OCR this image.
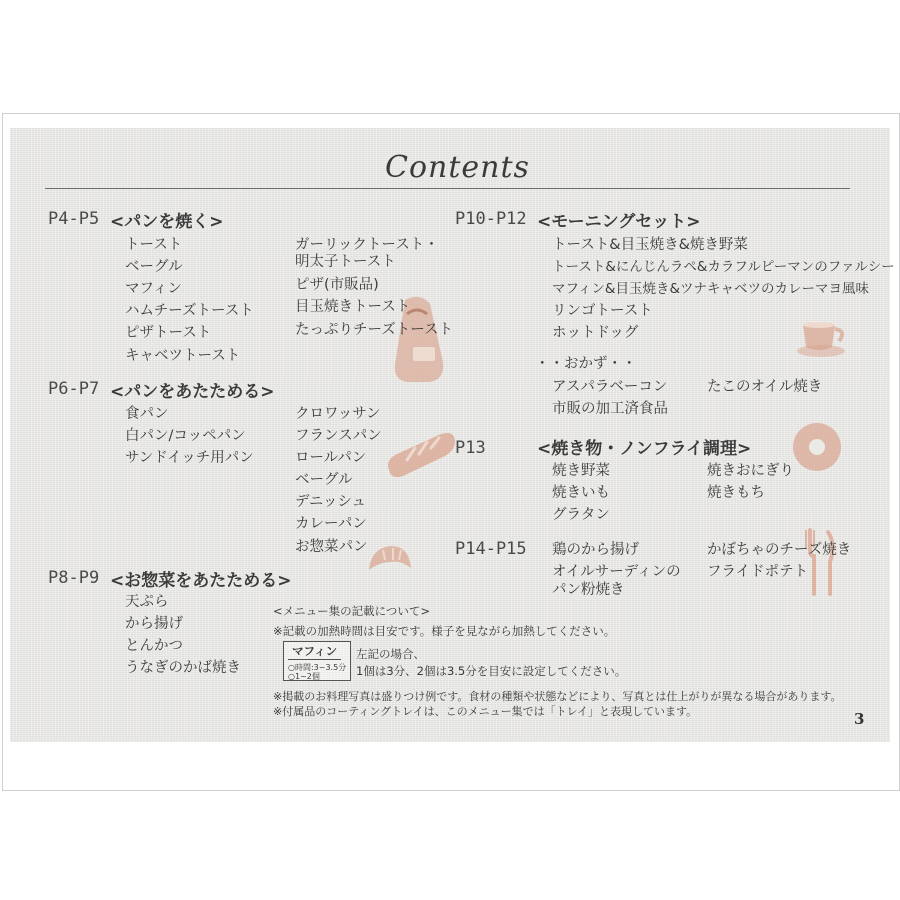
Contents
P4-P5 <パンを焼く>
トースト
ベーグル
マフィン
ハムチーズトースト
ピザトースト
キャベツトースト
ガーリックトースト・
明太子トースト
ピザ(市販品)
目玉焼きトースト
たっぷりチーズトースト
P6-P7 <パンをあたためる>
食パン
白パン/コッペパン
サンドイッチ用パン
クロワッサン
フランスパン
ロールパン
ベーグル
デニッシュ
カレーパン
お惣菜パン
P8-P9 <お惣菜をあたためる>
天ぷら
から揚げ
とんかつ
うなぎのかば焼き
P10-P12 <モーニングセット>
トースト&目玉焼き&焼き野菜
トースト&にんじんラペ&カラフルピーマンのファルシー
マフィン&目玉焼き&ツナキャベツのカレーマヨ風味
リンゴトースト
ホットドッグ
・・おかず・・
アスパラベーコン
市販の加工済食品
たこのオイル焼き
P13	<焼き物・ノンフライ調理>
焼き野菜
焼きいも
グラタン
焼きおにぎり
焼きもち
P14-P15 鶏のから揚げ
オイルサーディンの
パン粉焼き
かぼちゃのチーズ焼き
フライドポテト
<メニュー集の記載について>
※記載の加熱時間は目安です。様子を見ながら加熱してください。
マフィン
○時間:3~3.5分
○1~2個
左記の場合、
1個は3分、2個は3.5分を目安に設定してください。
※掲載のお料理写真は盛りつけ例です。食材の種類や状態などにより、写真とは仕上がりが異なる場合があります。
※付属品のコーティングトレイは、このメニュー集では「トレイ」と表現しています。	3
